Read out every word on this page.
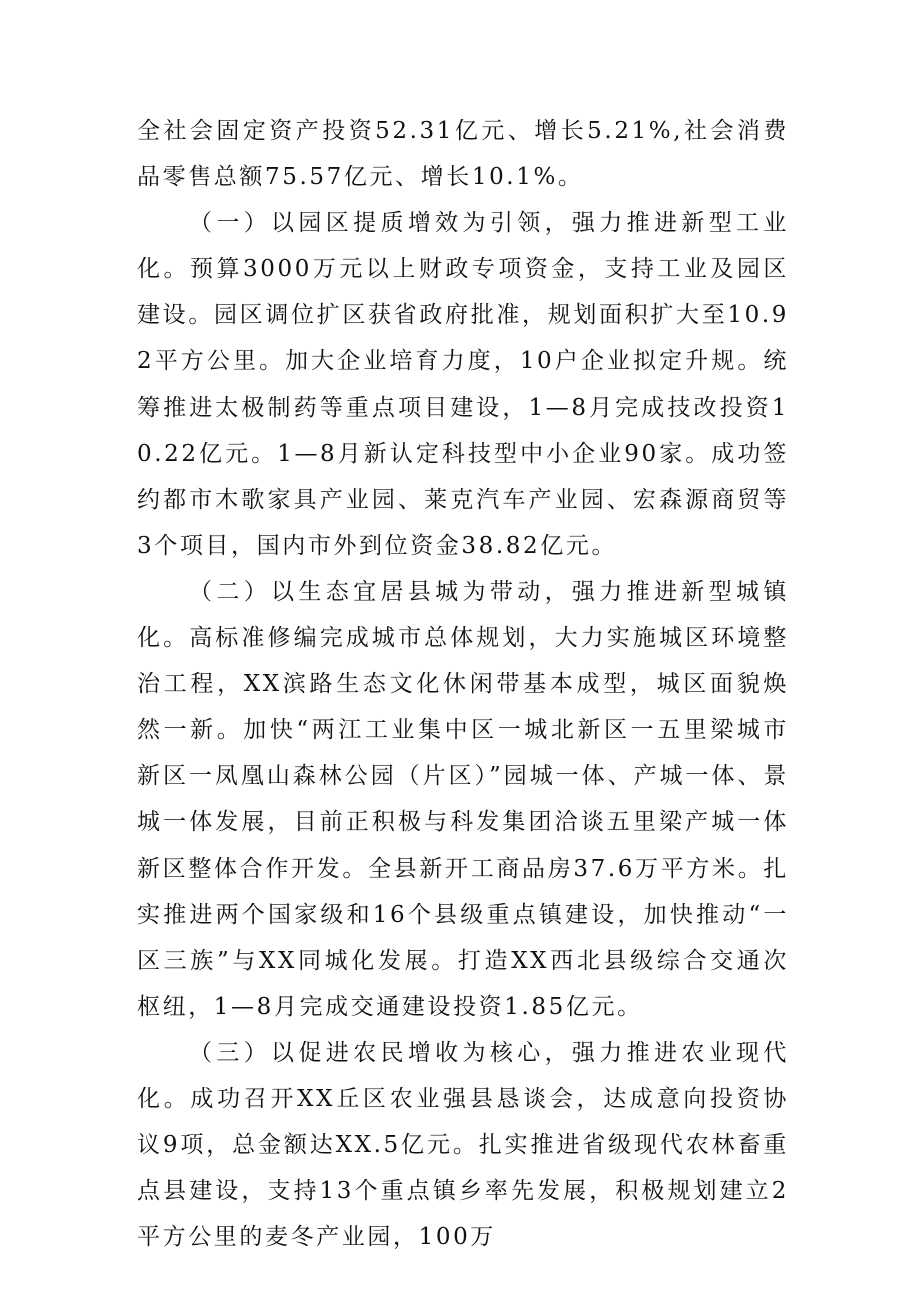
全社会固定资产投资52.31亿元、增长5.21%,社会消费品零售总额75.57亿元、增长10.1%。

（一）以园区提质增效为引领，强力推进新型工业化。预算3000万元以上财政专项资金，支持工业及园区建设。园区调位扩区获省政府批准，规划面积扩大至10.92平方公里。加大企业培育力度，10户企业拟定升规。统筹推进太极制药等重点项目建设，1—8月完成技改投资10.22亿元。1—8月新认定科技型中小企业90家。成功签约都市木歌家具产业园、莱克汽车产业园、宏森源商贸等3个项目，国内市外到位资金38.82亿元。

（二）以生态宜居县城为带动，强力推进新型城镇化。高标准修编完成城市总体规划，大力实施城区环境整治工程，XX滨路生态文化休闲带基本成型，城区面貌焕然一新。加快“两江工业集中区一城北新区一五里梁城市新区一凤凰山森林公园（片区）”园城一体、产城一体、景城一体发展，目前正积极与科发集团洽谈五里梁产城一体新区整体合作开发。全县新开工商品房37.6万平方米。扎实推进两个国家级和16个县级重点镇建设，加快推动“一区三族”与XX同城化发展。打造XX西北县级综合交通次枢纽，1—8月完成交通建设投资1.85亿元。

（三）以促进农民增收为核心，强力推进农业现代化。成功召开XX丘区农业强县恳谈会，达成意向投资协议9项，总金额达XX.5亿元。扎实推进省级现代农林畜重点县建设，支持13个重点镇乡率先发展，积极规划建立2平方公里的麦冬产业园，100万
